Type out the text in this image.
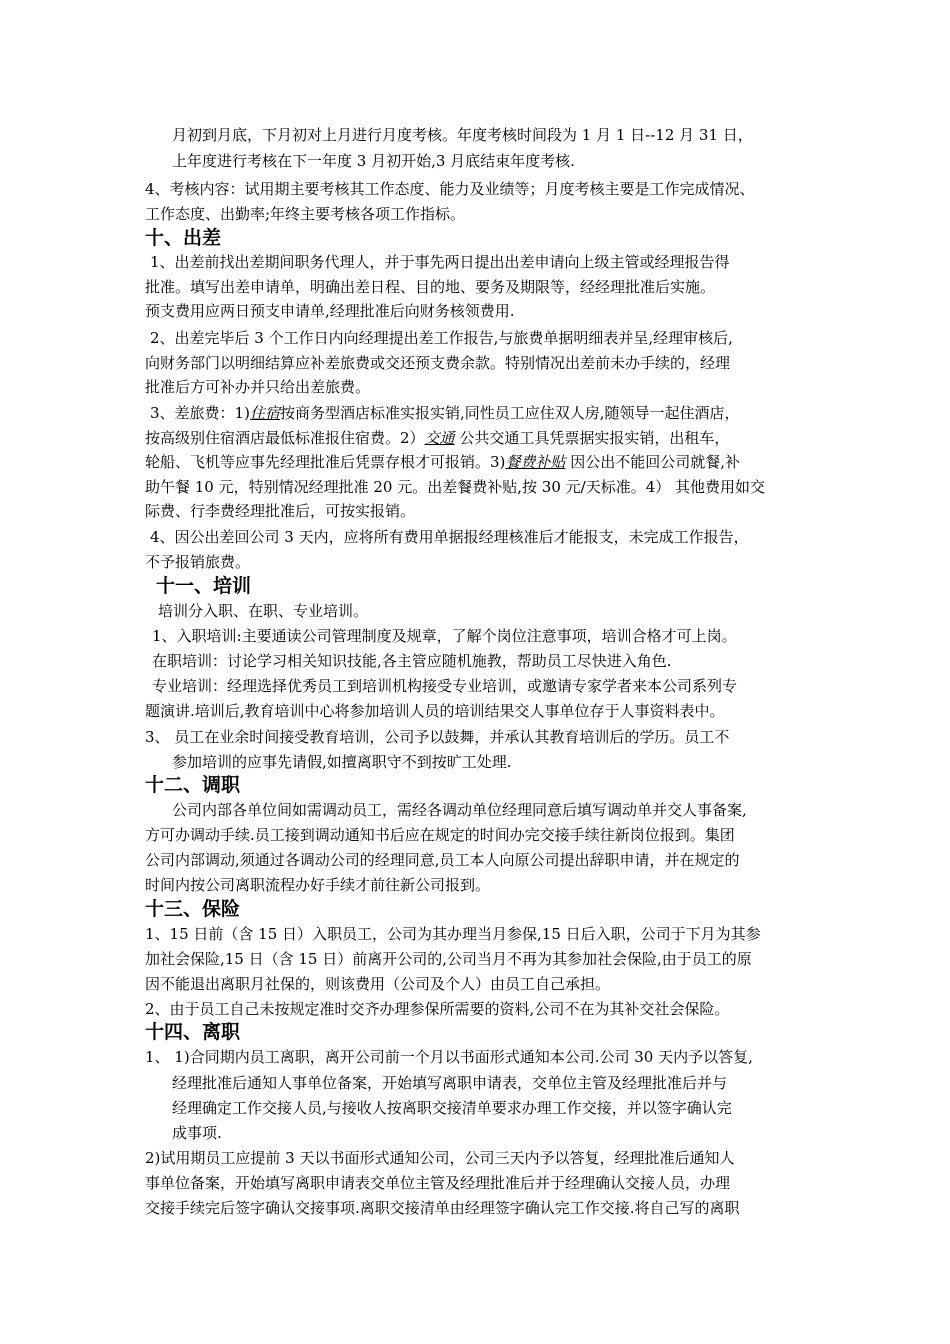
月初到月底，下月初对上月进行月度考核。年度考核时间段为 1 月 1 日--12 月 31 日，

上年度进行考核在下一年度 3 月初开始,3 月底结束年度考核.

4、考核内容：试用期主要考核其工作态度、能力及业绩等；月度考核主要是工作完成情况、

工作态度、出勤率;年终主要考核各项工作指标。

十、出差

1、出差前找出差期间职务代理人，并于事先两日提出出差申请向上级主管或经理报告得

批准。填写出差申请单，明确出差日程、目的地、要务及期限等，经经理批准后实施。

预支费用应两日预支申请单,经理批准后向财务核领费用.

2、出差完毕后 3 个工作日内向经理提出差工作报告,与旅费单据明细表并呈,经理审核后,

向财务部门以明细结算应补差旅费或交还预支费余款。特别情况出差前未办手续的，经理

批准后方可补办并只给出差旅费。

3、差旅费：1)住宿按商务型酒店标准实报实销,同性员工应住双人房,随领导一起住酒店，

按高级别住宿酒店最低标准报住宿费。2）交通 公共交通工具凭票据实报实销，出租车，

轮船、飞机等应事先经理批准后凭票存根才可报销。3)餐费补贴 因公出不能回公司就餐,补

助午餐 10 元，特别情况经理批准 20 元。出差餐费补贴,按 30 元/天标准。4） 其他费用如交

际费、行李费经理批准后，可按实报销。

4、因公出差回公司 3 天内，应将所有费用单据报经理核准后才能报支，未完成工作报告，

不予报销旅费。

十一、培训

培训分入职、在职、专业培训。

1、入职培训:主要通读公司管理制度及规章，了解个岗位注意事项，培训合格才可上岗。

在职培训：讨论学习相关知识技能,各主管应随机施教，帮助员工尽快进入角色.

专业培训：经理选择优秀员工到培训机构接受专业培训，或邀请专家学者来本公司系列专

题演讲.培训后,教育培训中心将参加培训人员的培训结果交人事单位存于人事资料表中。

3、 员工在业余时间接受教育培训，公司予以鼓舞，并承认其教育培训后的学历。员工不

参加培训的应事先请假,如擅离职守不到按旷工处理.

十二、调职

公司内部各单位间如需调动员工，需经各调动单位经理同意后填写调动单并交人事备案,

方可办调动手续.员工接到调动通知书后应在规定的时间办完交接手续往新岗位报到。集团

公司内部调动,须通过各调动公司的经理同意,员工本人向原公司提出辞职申请，并在规定的

时间内按公司离职流程办好手续才前往新公司报到。

十三、保险

1、15 日前（含 15 日）入职员工，公司为其办理当月参保,15 日后入职，公司于下月为其参

加社会保险,15 日（含 15 日）前离开公司的,公司当月不再为其参加社会保险,由于员工的原

因不能退出离职月社保的，则该费用（公司及个人）由员工自己承担。

2、由于员工自己未按规定准时交齐办理参保所需要的资料,公司不在为其补交社会保险。

十四、离职

1、 1)合同期内员工离职，离开公司前一个月以书面形式通知本公司.公司 30 天内予以答复,

经理批准后通知人事单位备案，开始填写离职申请表，交单位主管及经理批准后并与

经理确定工作交接人员,与接收人按离职交接清单要求办理工作交接，并以签字确认完

成事项.

2)试用期员工应提前 3 天以书面形式通知公司，公司三天内予以答复，经理批准后通知人

事单位备案，开始填写离职申请表交单位主管及经理批准后并于经理确认交接人员，办理

交接手续完后签字确认交接事项.离职交接清单由经理签字确认完工作交接.将自己写的离职
